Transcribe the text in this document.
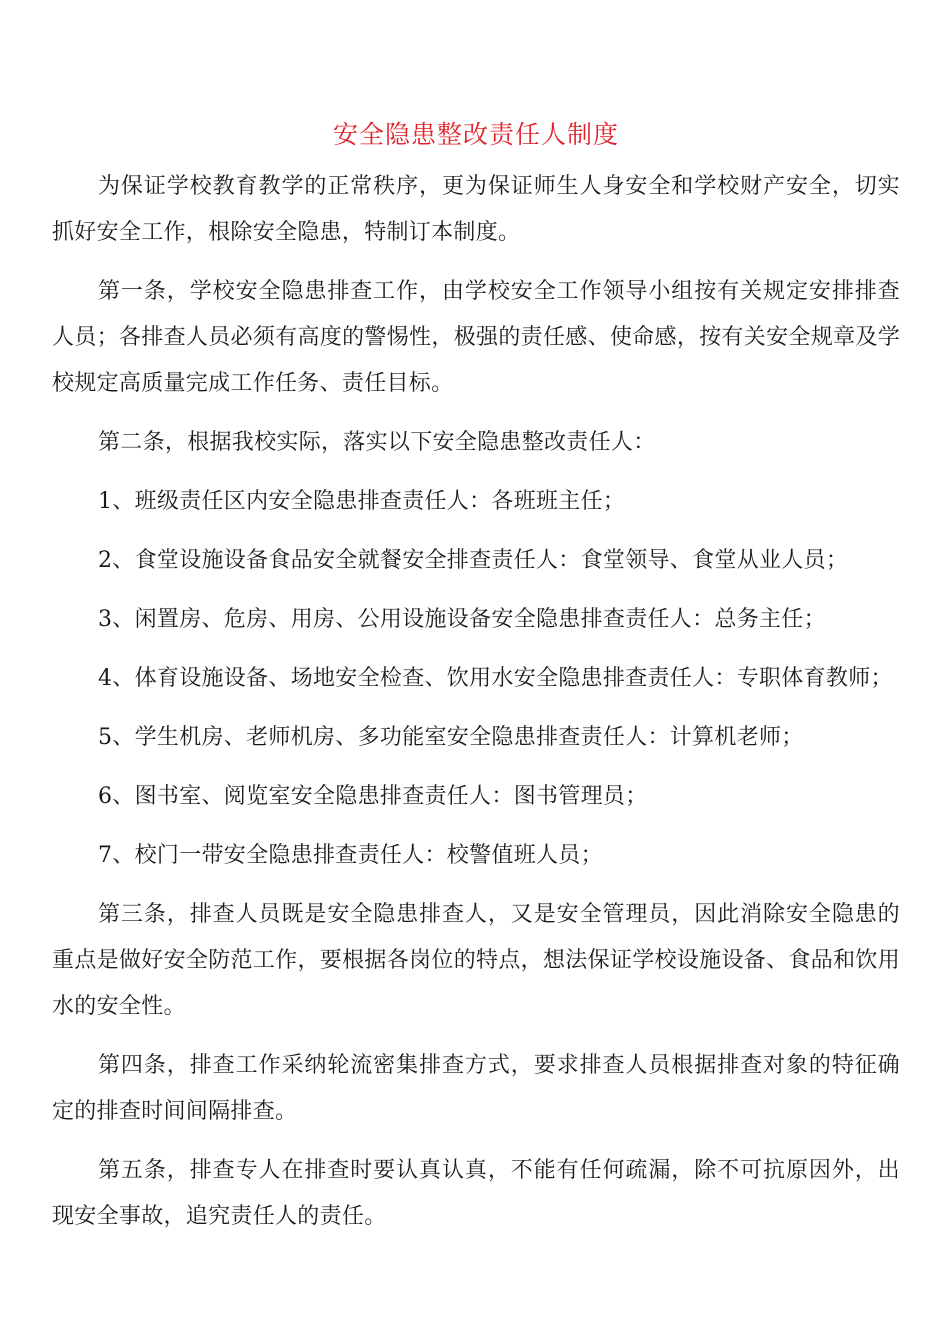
安全隐患整改责任人制度

为保证学校教育教学的正常秩序，更为保证师生人身安全和学校财产安全，切实抓好安全工作，根除安全隐患，特制订本制度。

第一条，学校安全隐患排查工作，由学校安全工作领导小组按有关规定安排排查人员；各排查人员必须有高度的警惕性，极强的责任感、使命感，按有关安全规章及学校规定高质量完成工作任务、责任目标。

第二条，根据我校实际，落实以下安全隐患整改责任人：

1、班级责任区内安全隐患排查责任人：各班班主任；

2、食堂设施设备食品安全就餐安全排查责任人：食堂领导、食堂从业人员；

3、闲置房、危房、用房、公用设施设备安全隐患排查责任人：总务主任；

4、体育设施设备、场地安全检查、饮用水安全隐患排查责任人：专职体育教师；

5、学生机房、老师机房、多功能室安全隐患排查责任人：计算机老师；

6、图书室、阅览室安全隐患排查责任人：图书管理员；

7、校门一带安全隐患排查责任人：校警值班人员；

第三条，排查人员既是安全隐患排查人，又是安全管理员，因此消除安全隐患的重点是做好安全防范工作，要根据各岗位的特点，想法保证学校设施设备、食品和饮用水的安全性。

第四条，排查工作采纳轮流密集排查方式，要求排查人员根据排查对象的特征确定的排查时间间隔排查。

第五条，排查专人在排查时要认真认真，不能有任何疏漏，除不可抗原因外，出现安全事故，追究责任人的责任。
